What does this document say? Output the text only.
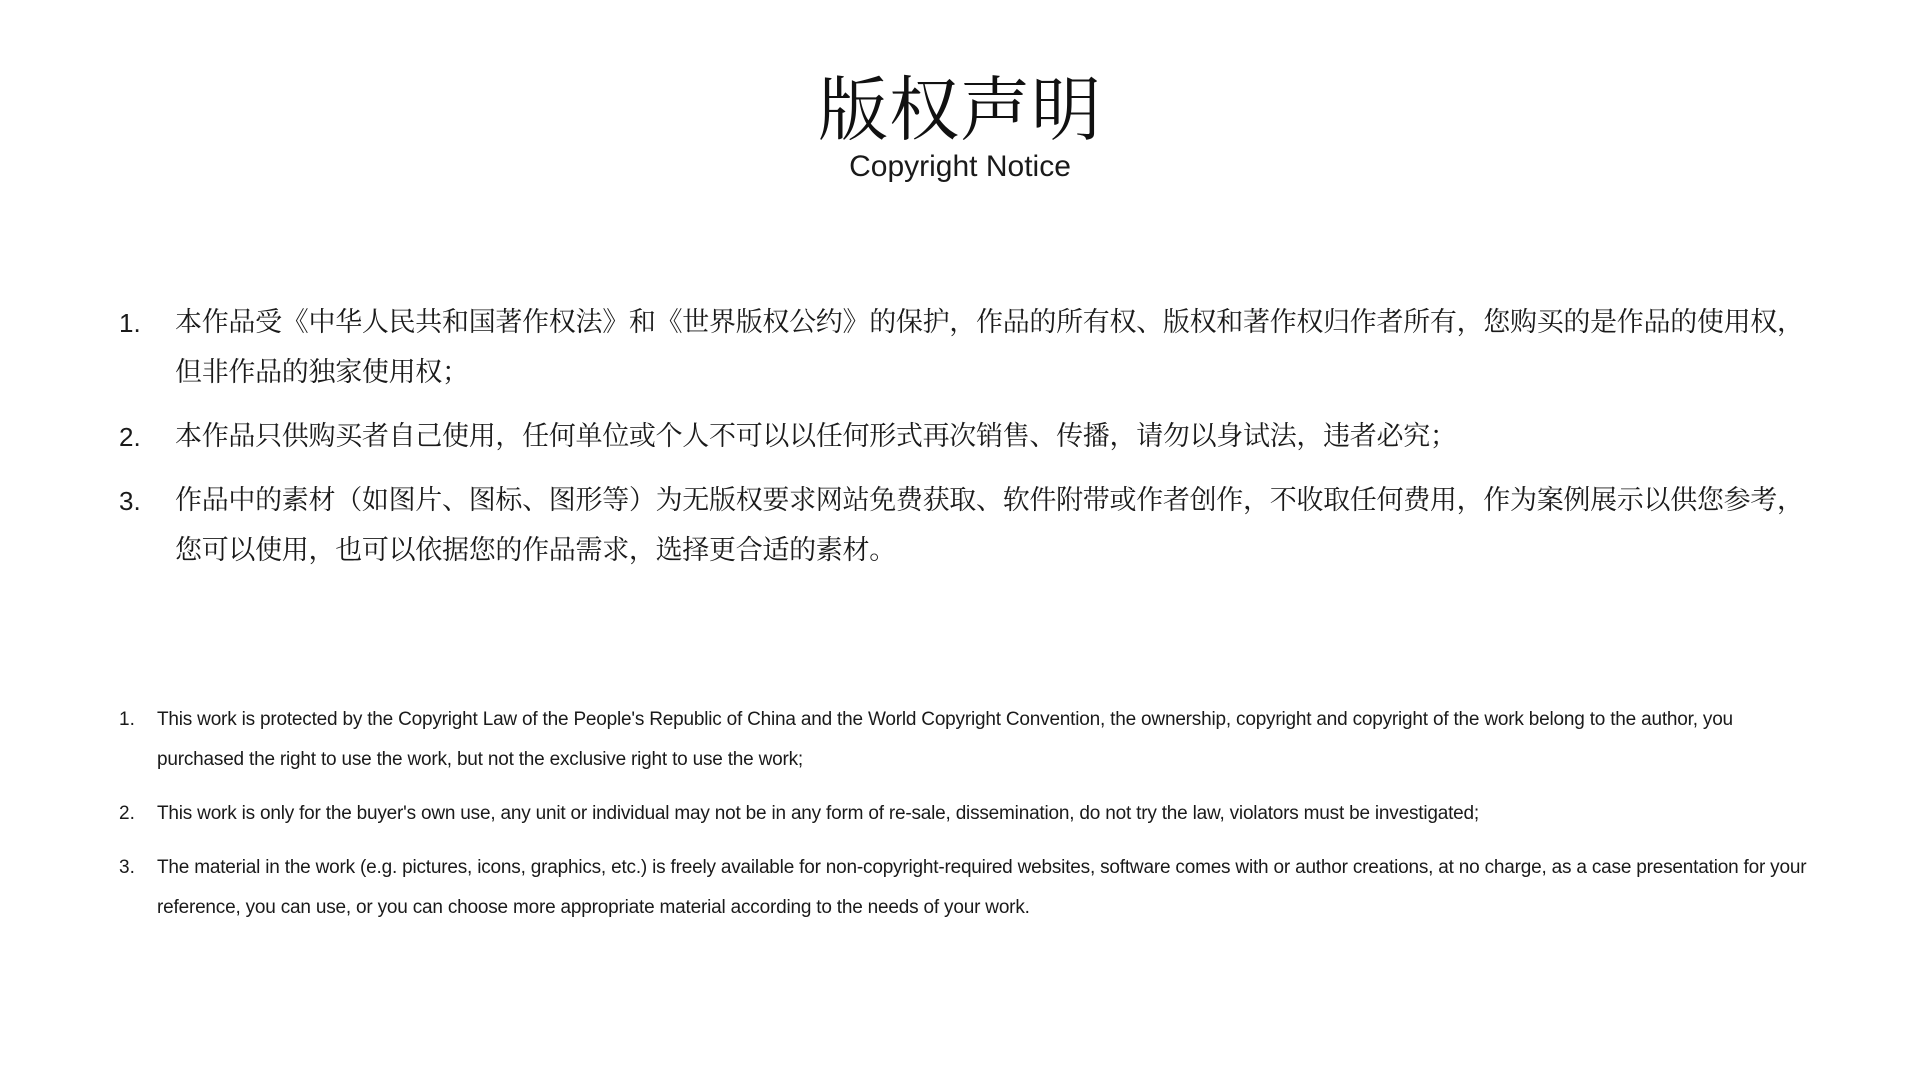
版权声明
Copyright Notice
1.	本作品受《中华人民共和国著作权法》和《世界版权公约》的保护，作品的所有权、版权和著作权归作者所有，您购买的是作品的使用权，但非作品的独家使用权；
2.	本作品只供购买者自己使用，任何单位或个人不可以以任何形式再次销售、传播，请勿以身试法，违者必究；
3.	作品中的素材（如图片、图标、图形等）为无版权要求网站免费获取、软件附带或作者创作，不收取任何费用，作为案例展示以供您参考，您可以使用，也可以依据您的作品需求，选择更合适的素材。
1.	This work is protected by the Copyright Law of the People's Republic of China and the World Copyright Convention, the ownership, copyright and copyright of the work belong to the author, you purchased the right to use the work, but not the exclusive right to use the work;
2.	This work is only for the buyer's own use, any unit or individual may not be in any form of re-sale, dissemination, do not try the law, violators must be investigated;
3.	The material in the work (e.g. pictures, icons, graphics, etc.) is freely available for non-copyright-required websites, software comes with or author creations, at no charge, as a case presentation for your reference, you can use, or you can choose more appropriate material according to the needs of your work.
